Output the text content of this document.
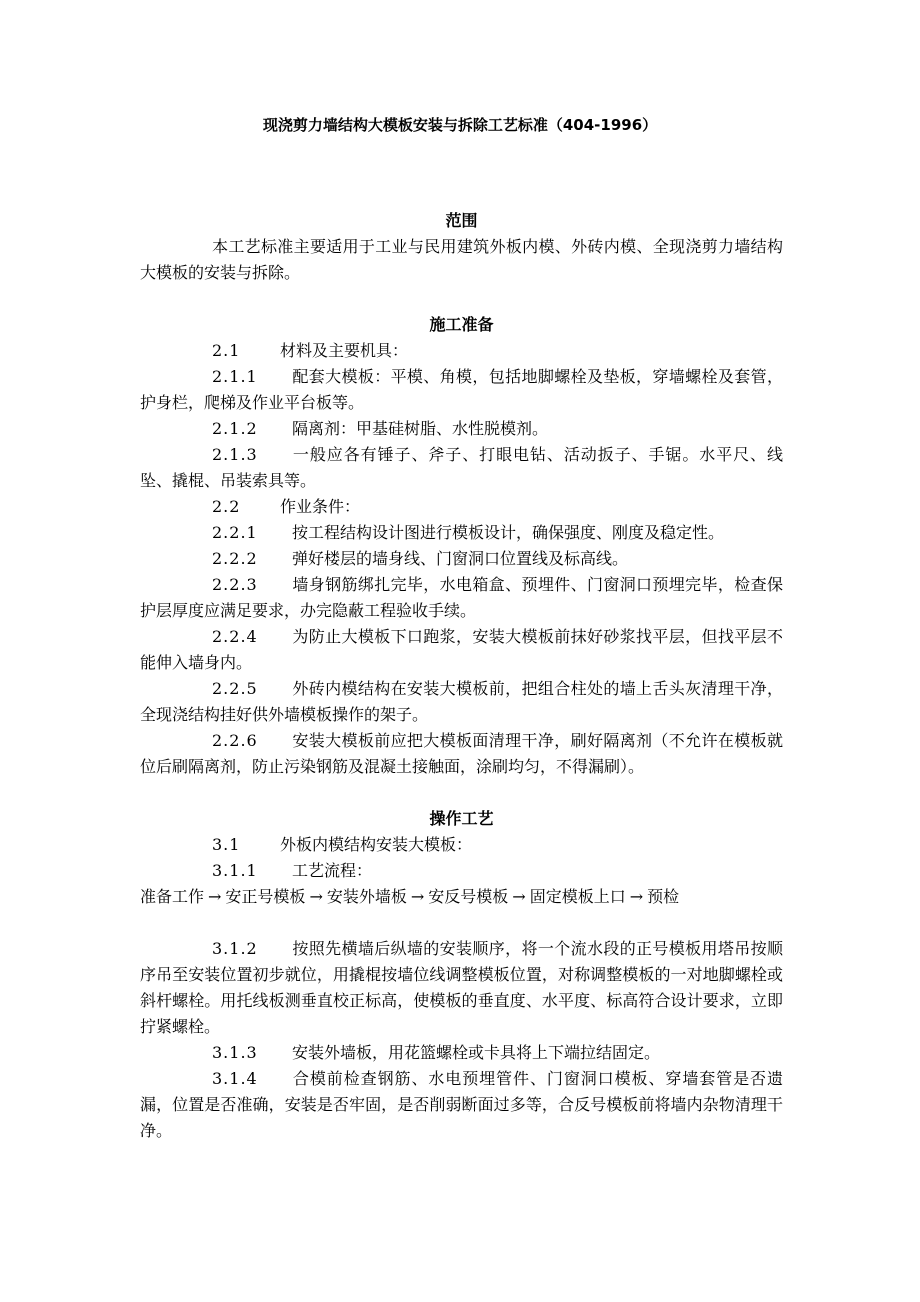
现浇剪力墙结构大模板安装与拆除工艺标准（404-1996）
范围

本工艺标准主要适用于工业与民用建筑外板内模、外砖内模、全现浇剪力墙结构大模板的安装与拆除。

施工准备

2.1 材料及主要机具：

2.1.1 配套大模板：平模、角模，包括地脚螺栓及垫板，穿墙螺栓及套管，护身栏，爬梯及作业平台板等。

2.1.2 隔离剂：甲基硅树脂、水性脱模剂。

2.1.3 一般应各有锤子、斧子、打眼电钻、活动扳子、手锯。水平尺、线坠、撬棍、吊装索具等。

2.2 作业条件：

2.2.1 按工程结构设计图进行模板设计，确保强度、刚度及稳定性。

2.2.2 弹好楼层的墙身线、门窗洞口位置线及标高线。

2.2.3 墙身钢筋绑扎完毕，水电箱盒、预埋件、门窗洞口预埋完毕，检查保护层厚度应满足要求，办完隐蔽工程验收手续。

2.2.4 为防止大模板下口跑浆，安装大模板前抹好砂浆找平层，但找平层不能伸入墙身内。

2.2.5 外砖内模结构在安装大模板前，把组合柱处的墙上舌头灰清理干净，全现浇结构挂好供外墙模板操作的架子。

2.2.6 安装大模板前应把大模板面清理干净，刷好隔离剂（不允许在模板就位后刷隔离剂，防止污染钢筋及混凝土接触面，涂刷均匀，不得漏刷）。

操作工艺

3.1 外板内模结构安装大模板：

3.1.1 工艺流程：

准备工作 → 安正号模板 → 安装外墙板 → 安反号模板 → 固定模板上口 → 预检

3.1.2 按照先横墙后纵墙的安装顺序，将一个流水段的正号模板用塔吊按顺序吊至安装位置初步就位，用撬棍按墙位线调整模板位置，对称调整模板的一对地脚螺栓或斜杆螺栓。用托线板测垂直校正标高，使模板的垂直度、水平度、标高符合设计要求，立即拧紧螺栓。

3.1.3 安装外墙板，用花篮螺栓或卡具将上下端拉结固定。

3.1.4 合模前检查钢筋、水电预埋管件、门窗洞口模板、穿墙套管是否遗漏，位置是否准确，安装是否牢固，是否削弱断面过多等，合反号模板前将墙内杂物清理干净。
